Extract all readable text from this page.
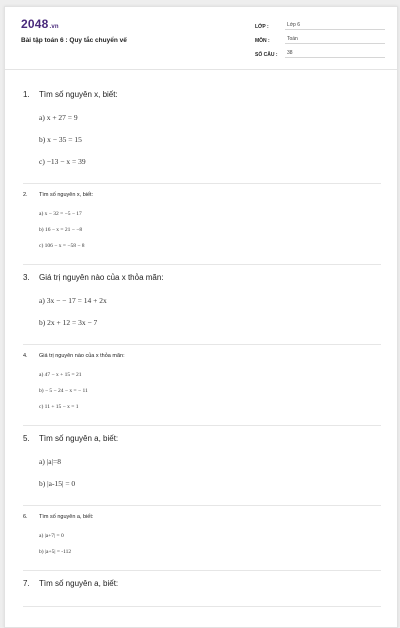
2048.vn
Bài tập toán 6 : Quy tắc chuyển vế
LỚP :	Lớp 6
MÔN :	Toán
SỐ CÂU :	38
1.	Tìm số nguyên x, biết:
a) x + 27 = 9
b) x − 35 = 15
c) −13 − x = 39
2.	Tìm số nguyên x, biết:
a) x − 32 = −5 − 17
b) 16 − x = 21 − −8
c) 106 − x = −58 − 8
3.	Giá trị nguyên nào của x thỏa mãn:
a) 3x − − 17 = 14 + 2x
b) 2x + 12 = 3x − 7
4.	Giá trị nguyên nào của x thỏa mãn:
a) 47 − x + 15 = 21
b) − 5 − 24 − x = − 11
c) 11 + 15 − x = 1
5.	Tìm số nguyên a, biết:
a) |a|=8
b) |a-15| = 0
6.	Tìm số nguyên a, biết:
a) |a+7| = 0
b) |a+5| = -112
7.	Tìm số nguyên a, biết:
